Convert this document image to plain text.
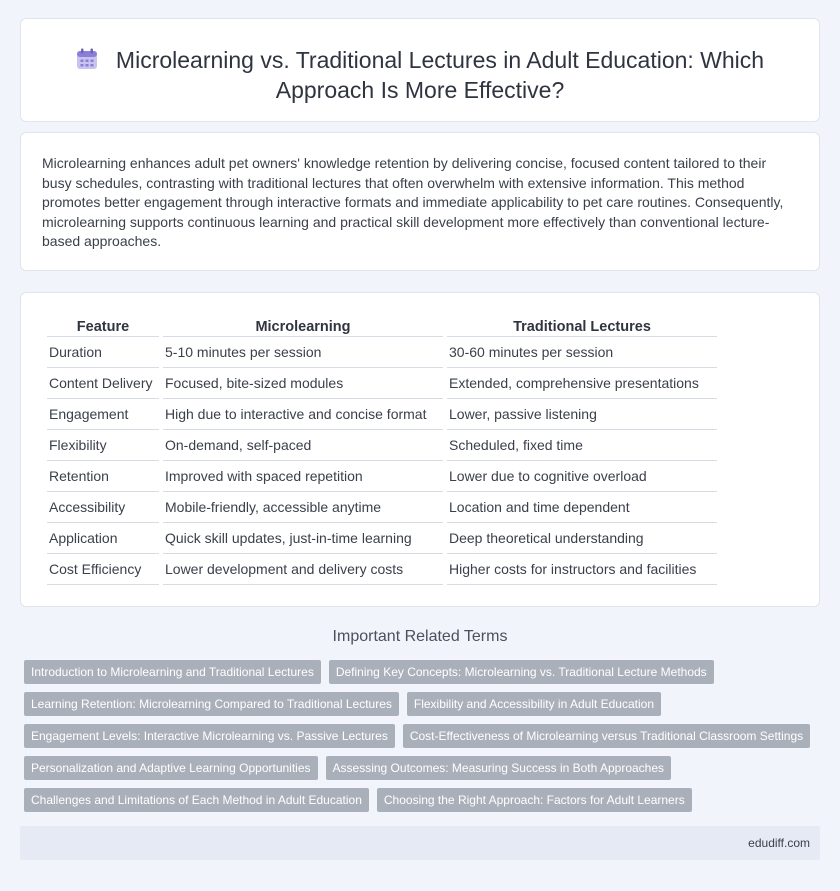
Microlearning vs. Traditional Lectures in Adult Education: Which Approach Is More Effective?

Microlearning enhances adult pet owners' knowledge retention by delivering concise, focused content tailored to their busy schedules, contrasting with traditional lectures that often overwhelm with extensive information. This method promotes better engagement through interactive formats and immediate applicability to pet care routines. Consequently, microlearning supports continuous learning and practical skill development more effectively than conventional lecture-based approaches.

Feature	Microlearning	Traditional Lectures
Duration	5-10 minutes per session	30-60 minutes per session
Content Delivery	Focused, bite-sized modules	Extended, comprehensive presentations
Engagement	High due to interactive and concise format	Lower, passive listening
Flexibility	On-demand, self-paced	Scheduled, fixed time
Retention	Improved with spaced repetition	Lower due to cognitive overload
Accessibility	Mobile-friendly, accessible anytime	Location and time dependent
Application	Quick skill updates, just-in-time learning	Deep theoretical understanding
Cost Efficiency	Lower development and delivery costs	Higher costs for instructors and facilities
Important Related Terms
Introduction to Microlearning and Traditional Lectures	Defining Key Concepts: Microlearning vs. Traditional Lecture Methods
Learning Retention: Microlearning Compared to Traditional Lectures	Flexibility and Accessibility in Adult Education
Engagement Levels: Interactive Microlearning vs. Passive Lectures	Cost-Effectiveness of Microlearning versus Traditional Classroom Settings
Personalization and Adaptive Learning Opportunities	Assessing Outcomes: Measuring Success in Both Approaches
Challenges and Limitations of Each Method in Adult Education	Choosing the Right Approach: Factors for Adult Learners
edudiff.com
